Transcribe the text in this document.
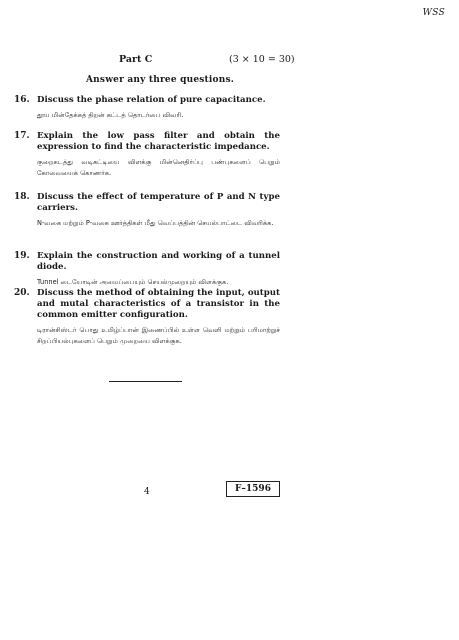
WSS
Part C	(3 × 10 = 30)
Answer any three questions.
16. Discuss the phase relation of pure capacitance.
தூய மின்தேக்கத் திறன் கட்டத் தொடர்பை விவரி.
17. Explain the low pass filter and obtain the expression to find the characteristic impedance.
குறைகடத்து வடிகட்டியை விளக்கு மின்னெதிர்ப்பு பண்புகளைப் பெறும் கோவையைக் கொணர்க.
18. Discuss the effect of temperature of P and N type carriers.
N-வகை மற்றும் P-வகை ஊர்த்திகள் மீது வெப்பத்தின் செயல்பாட்டை விவரிக்க.
19. Explain the construction and working of a tunnel diode.
Tunnel டையோடின் அமைப்பையும் செயல்முறையும் விளக்குக.
20. Discuss the method of obtaining the input, output and mutal characteristics of a transistor in the common emitter configuration.
டிரான்சிஸ்டர் பொது உமிழ்ப்பான் இணைப்பில் உள்ள வெளி மற்றும் பரிமாற்றுச் சிறப்பியல்புகளைப் பெறும் முறையை விளக்குக.
4	F–1596
